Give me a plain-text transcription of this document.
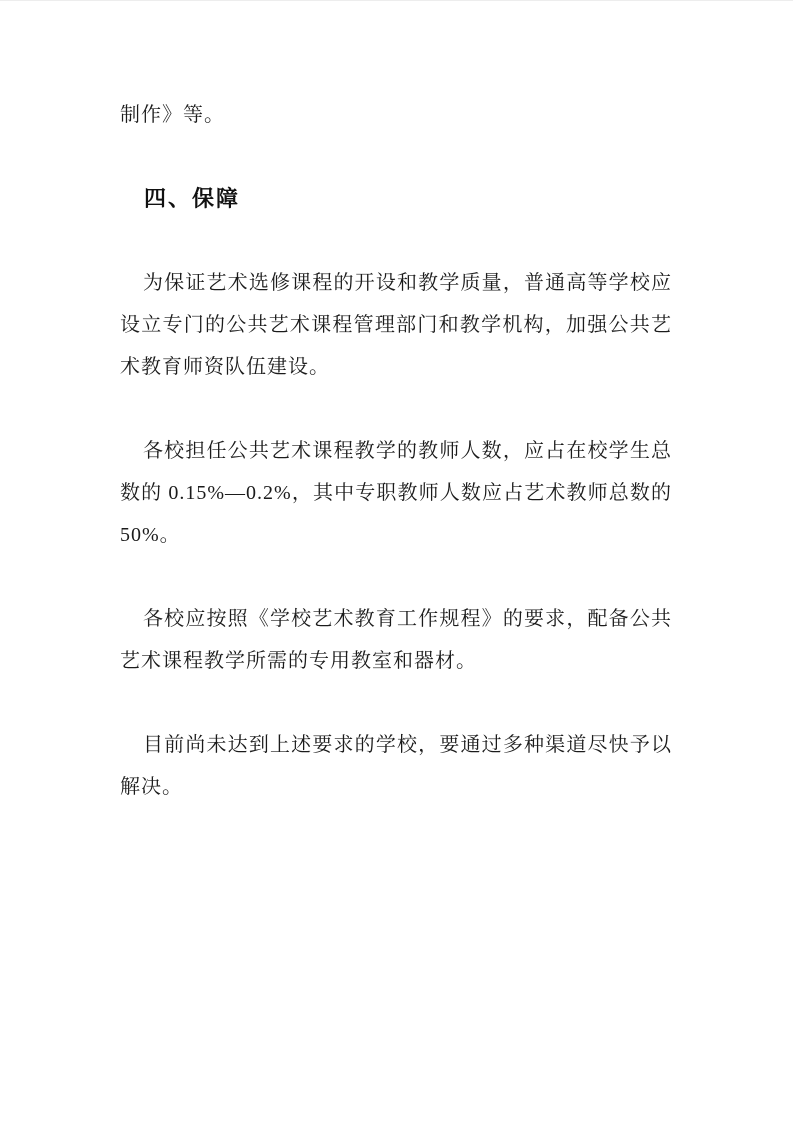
制作》等。
四、保障
为保证艺术选修课程的开设和教学质量，普通高等学校应
设立专门的公共艺术课程管理部门和教学机构，加强公共艺
术教育师资队伍建设。
各校担任公共艺术课程教学的教师人数，应占在校学生总
数的 0.15%—0.2%，其中专职教师人数应占艺术教师总数的
50%。
各校应按照《学校艺术教育工作规程》的要求，配备公共
艺术课程教学所需的专用教室和器材。
目前尚未达到上述要求的学校，要通过多种渠道尽快予以
解决。
